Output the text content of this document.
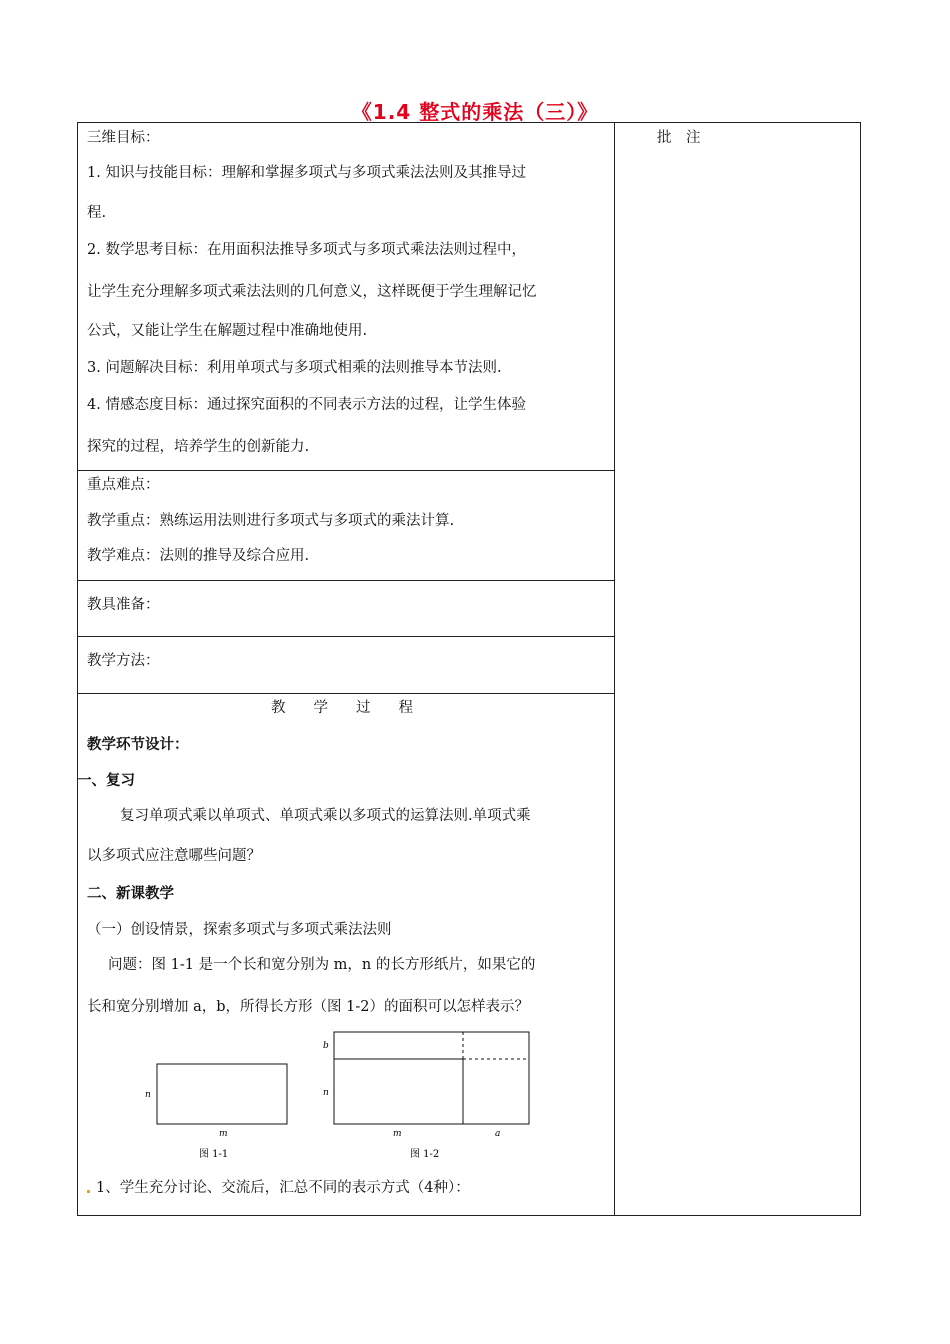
《1.4 整式的乘法（三）》
批　注
三维目标：
1. 知识与技能目标：理解和掌握多项式与多项式乘法法则及其推导过
程.
2. 数学思考目标：在用面积法推导多项式与多项式乘法法则过程中，
让学生充分理解多项式乘法法则的几何意义，这样既便于学生理解记忆
公式，又能让学生在解题过程中准确地使用.
3. 问题解决目标：利用单项式与多项式相乘的法则推导本节法则.
4. 情感态度目标：通过探究面积的不同表示方法的过程，让学生体验
探究的过程，培养学生的创新能力.
重点难点：
教学重点：熟练运用法则进行多项式与多项式的乘法计算.
教学难点：法则的推导及综合应用.
教具准备：
教学方法：
教学过程
教学环节设计：
一、复习
复习单项式乘以单项式、单项式乘以多项式的运算法则.单项式乘
以多项式应注意哪些问题？
二、新课教学
（一）创设情景，探索多项式与多项式乘法法则
问题：图 1-1 是一个长和宽分别为 m，n 的长方形纸片，如果它的
长和宽分别增加 a，b，所得长方形（图 1-2）的面积可以怎样表示？
n
m
图 1-1
b
n
m	a
图 1-2
1、学生充分讨论、交流后，汇总不同的表示方式（4种）：
